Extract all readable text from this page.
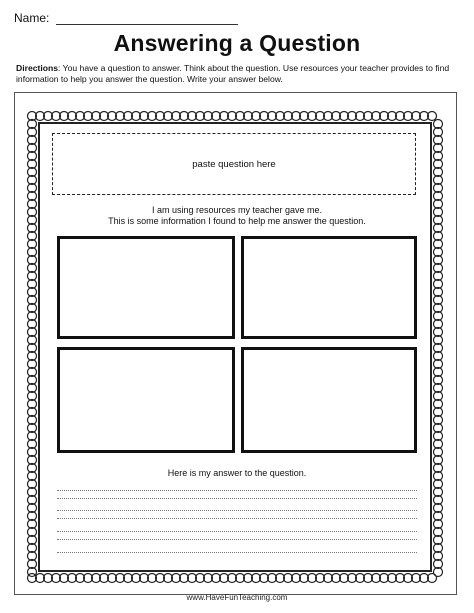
Name:
Answering a Question
Directions: You have a question to answer. Think about the question. Use resources your teacher provides to find information to help you answer the question. Write your answer below.
paste question here
I am using resources my teacher gave me.
This is some information I found to help me answer the question.
Here is my answer to the question.
www.HaveFunTeaching.com
